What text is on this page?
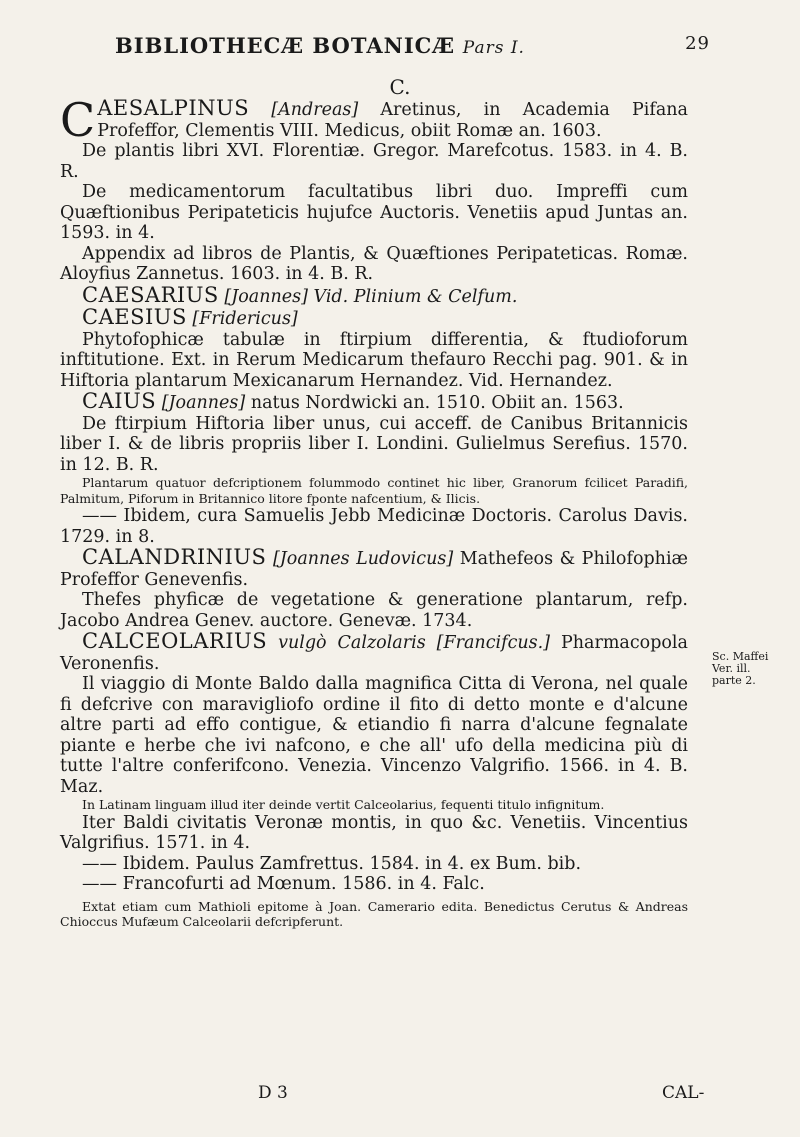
BIBLIOTHECÆ BOTANICÆ Pars I.	29
C.

CAESALPINUS [Andreas] Aretinus, in Academia Pifana Profeffor, Clementis VIII. Medicus, obiit Romæ an. 1603.

De plantis libri XVI. Florentiæ. Gregor. Marefcotus. 1583. in 4. B. R.

De medicamentorum facultatibus libri duo. Impreffi cum Quæftionibus Peripateticis hujufce Auctoris. Venetiis apud Juntas an. 1593. in 4.

Appendix ad libros de Plantis, & Quæftiones Peripateticas. Romæ. Aloyfius Zannetus. 1603. in 4. B. R.

CAESARIUS [Joannes] Vid. Plinium & Celfum.

CAESIUS [Fridericus]

Phytofophicæ tabulæ in ftirpium differentia, & ftudioforum inftitutione. Ext. in Rerum Medicarum thefauro Recchi pag. 901. & in Hiftoria plantarum Mexicanarum Hernandez. Vid. Hernandez.

CAIUS [Joannes] natus Nordwicki an. 1510. Obiit an. 1563.

De ftirpium Hiftoria liber unus, cui acceff. de Canibus Britannicis liber I. & de libris propriis liber I. Londini. Gulielmus Serefius. 1570. in 12. B. R.

Plantarum quatuor defcriptionem folummodo continet hic liber, Granorum fcilicet Paradifi, Palmitum, Piforum in Britannico litore fponte nafcentium, & Ilicis.

—— Ibidem, cura Samuelis Jebb Medicinæ Doctoris. Carolus Davis. 1729. in 8.

CALANDRINIUS [Joannes Ludovicus] Mathefeos & Philofophiæ Profeffor Genevenfis.

Thefes phyficæ de vegetatione & generatione plantarum, refp. Jacobo Andrea Genev. auctore. Genevæ. 1734.

CALCEOLARIUS vulgò Calzolaris [Francifcus.] Pharmacopola Veronenfis.

Il viaggio di Monte Baldo dalla magnifica Citta di Verona, nel quale fi defcrive con maravigliofo ordine il fito di detto monte e d'alcune altre parti ad effo contigue, & etiandio fi narra d'alcune fegnalate piante e herbe che ivi nafcono, e che all' ufo della medicina più di tutte l'altre conferifcono. Venezia. Vincenzo Valgrifio. 1566. in 4. B. Maz.

In Latinam linguam illud iter deinde vertit Calceolarius, fequenti titulo infignitum.

Iter Baldi civitatis Veronæ montis, in quo &c. Venetiis. Vincentius Valgrifius. 1571. in 4.

—— Ibidem. Paulus Zamfrettus. 1584. in 4. ex Bum. bib.

—— Francofurti ad Mœnum. 1586. in 4. Falc.

Extat etiam cum Mathioli epitome à Joan. Camerario edita. Benedictus Cerutus & Andreas Chioccus Mufæum Calceolarii defcripferunt.

Sc. Maffei
Ver. ill.
parte 2.
D 3	CAL-
